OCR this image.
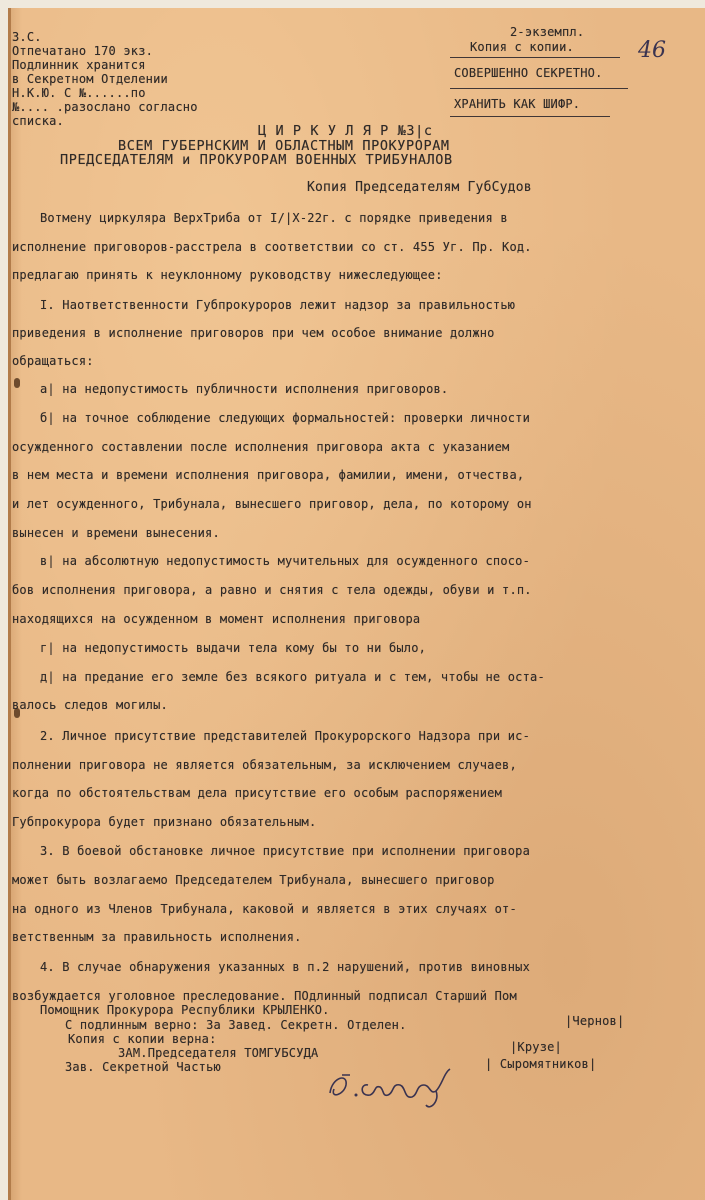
З.С.
Отпечатано 170 экз.
Подлинник хранится
в Секретном Отделении
Н.К.Ю. С №......по
№.... .разослано согласно
списка.
2-экземпл.
Копия с копии.
СОВЕРШЕННО СЕКРЕТНО.
ХРАНИТЬ КАК ШИФР.
46
Ц И Р К У Л Я Р №3|с
ВСЕМ ГУБЕРНСКИМ И ОБЛАСТНЫМ ПРОКУРОРАМ
ПРЕДСЕДАТЕЛЯМ и ПРОКУРОРАМ ВОЕННЫХ ТРИБУНАЛОВ
Копия Председателям ГубСудов
Вотмену циркуляра ВерхТриба от I/|X-22г. с порядке приведения в
исполнение приговоров-расстрела в соответствии со ст. 455 Уг. Пр. Код.
предлагаю принять к неуклонному руководству нижеследующее:
I. Наответственности Губпрокуроров лежит надзор за правильностью
приведения в исполнение приговоров при чем особое внимание должно
обращаться:
а| на недопустимость публичности исполнения приговоров.
б| на точное соблюдение следующих формальностей: проверки личности
осужденного составлении после исполнения приговора акта с указанием
в нем места и времени исполнения приговора, фамилии, имени, отчества,
и лет осужденного, Трибунала, вынесшего приговор, дела, по которому он
вынесен и времени вынесения.
в| на абсолютную недопустимость мучительных для осужденного спосо-
бов исполнения приговора, а равно и снятия с тела одежды, обуви и т.п.
находящихся на осужденном в момент исполнения приговора
г| на недопустимость выдачи тела кому бы то ни было,
д| на предание его земле без всякого ритуала и с тем, чтобы не оста-
валось следов могилы.
2. Личное присутствие представителей Прокурорского Надзора при ис-
полнении приговора не является обязательным, за исключением случаев,
когда по обстоятельствам дела присутствие его особым распоряжением
Губпрокурора будет признано обязательным.
3. В боевой обстановке личное присутствие при исполнении приговора
может быть возлагаемо Председателем Трибунала, вынесшего приговор
на одного из Членов Трибунала, каковой и является в этих случаях от-
ветственным за правильность исполнения.
4. В случае обнаружения указанных в п.2 нарушений, против виновных
возбуждается уголовное преследование. ПОдлинный подписал Старший Пом
Помощник Прокурора Республики КРЫЛЕНКО.
С подлинным верно: За Завед. Секретн. Отделен.	|Чернов|
Копия с копии верна:
ЗАМ.Председателя ТОМГУБСУДА	|Крузе|
Зав. Секретной Частью	| Сыромятников|
